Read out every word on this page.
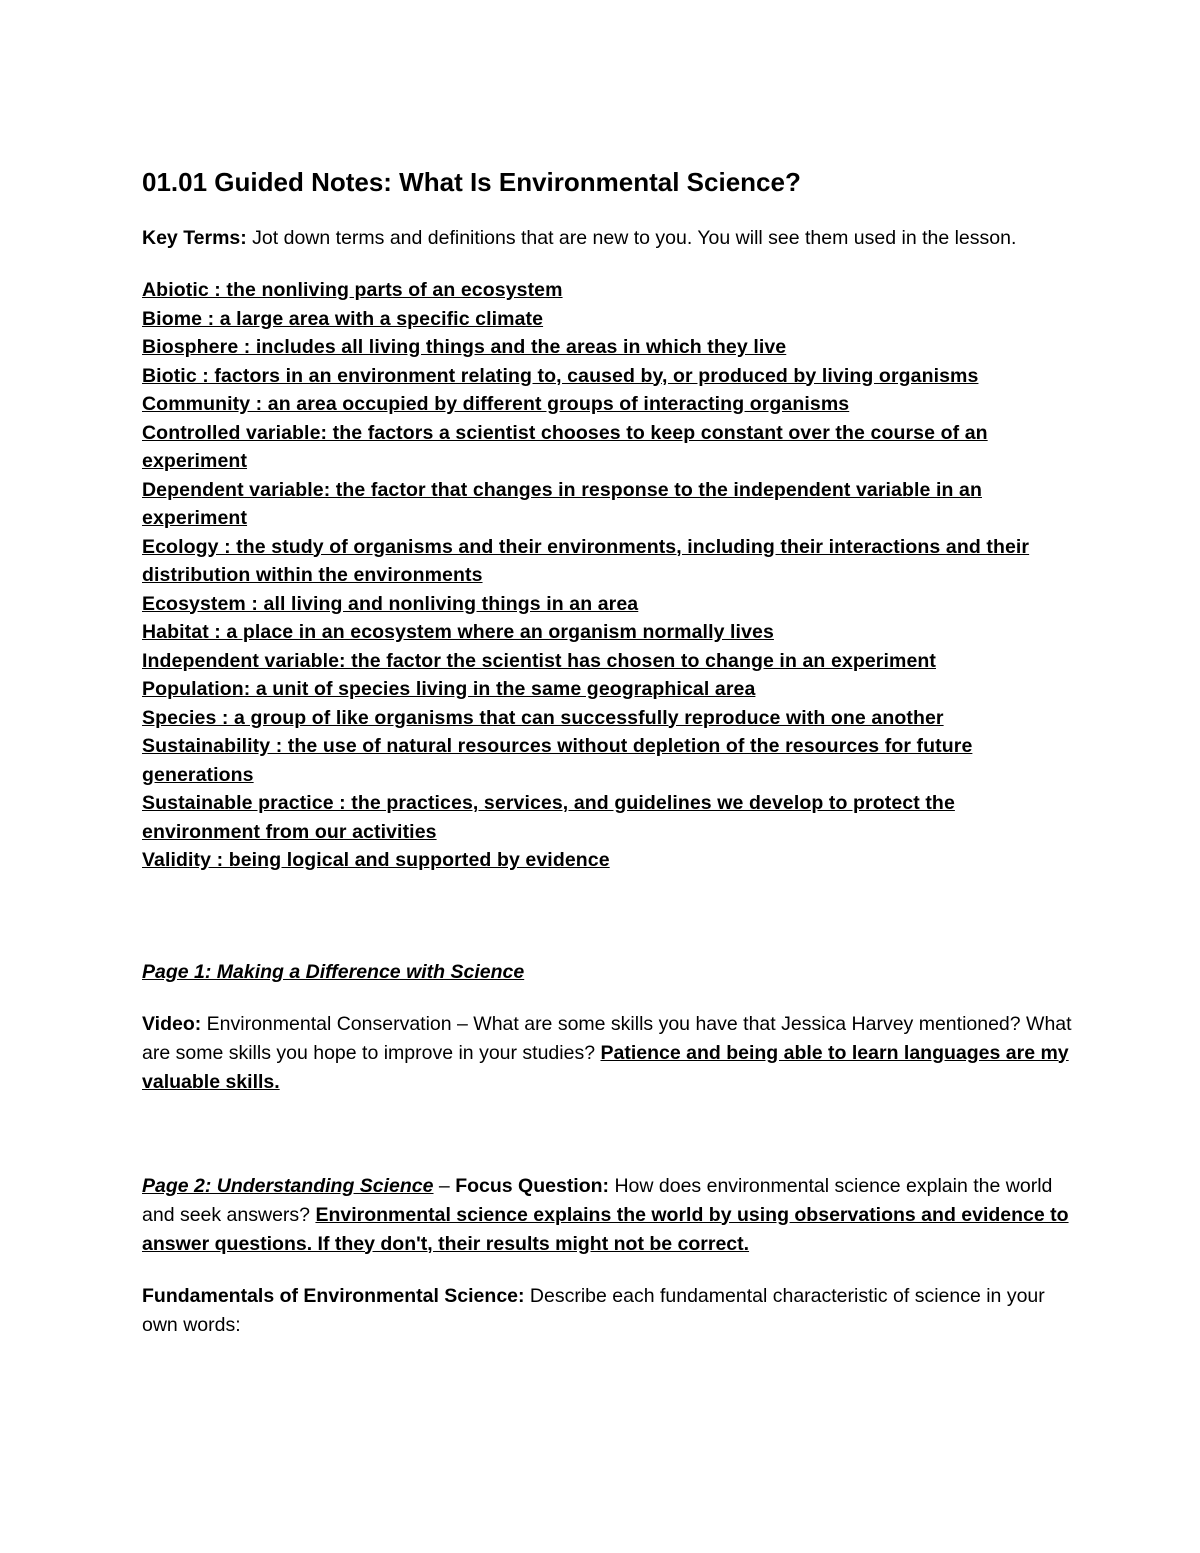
01.01 Guided Notes: What Is Environmental Science?

Key Terms: Jot down terms and definitions that are new to you. You will see them used in the lesson.

Abiotic : the nonliving parts of an ecosystem
Biome : a large area with a specific climate
Biosphere : includes all living things and the areas in which they live
Biotic : factors in an environment relating to, caused by, or produced by living organisms
Community : an area occupied by different groups of interacting organisms
Controlled variable: the factors a scientist chooses to keep constant over the course of an experiment
Dependent variable: the factor that changes in response to the independent variable in an experiment
Ecology : the study of organisms and their environments, including their interactions and their distribution within the environments
Ecosystem : all living and nonliving things in an area
Habitat : a place in an ecosystem where an organism normally lives
Independent variable: the factor the scientist has chosen to change in an experiment
Population: a unit of species living in the same geographical area
Species : a group of like organisms that can successfully reproduce with one another
Sustainability : the use of natural resources without depletion of the resources for future generations
Sustainable practice : the practices, services, and guidelines we develop to protect the environment from our activities
Validity : being logical and supported by evidence

Page 1: Making a Difference with Science

Video: Environmental Conservation – What are some skills you have that Jessica Harvey mentioned? What are some skills you hope to improve in your studies? Patience and being able to learn languages are my valuable skills.

Page 2: Understanding Science – Focus Question: How does environmental science explain the world and seek answers? Environmental science explains the world by using observations and evidence to answer questions. If they don't, their results might not be correct.

Fundamentals of Environmental Science: Describe each fundamental characteristic of science in your own words:
